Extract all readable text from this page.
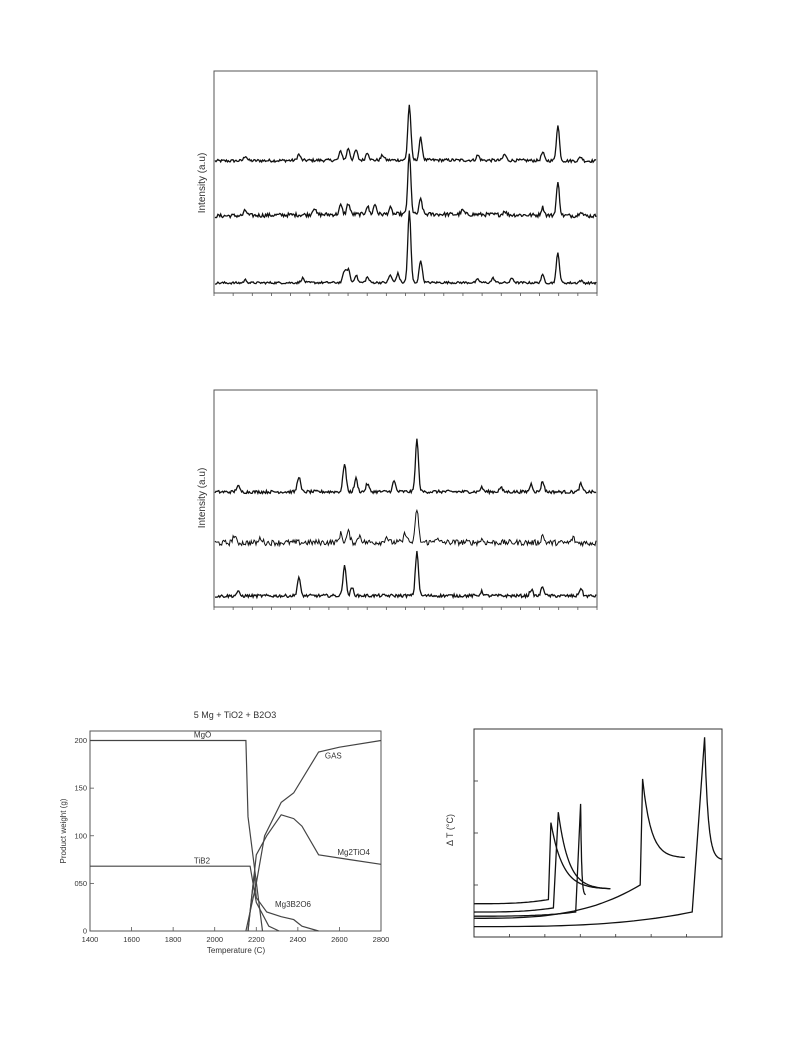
Intensity (a.u)
Intensity (a.u)
5 Mg + TiO2 + B2O3
Product weight (g)
Temperature (C)
1400	1600	1800	2000	2200	2400	2600	2800
0
050
100
150
200
MgO
TiB2
GAS
Mg2TiO4
Mg3B2O6
Δ T (°C)
